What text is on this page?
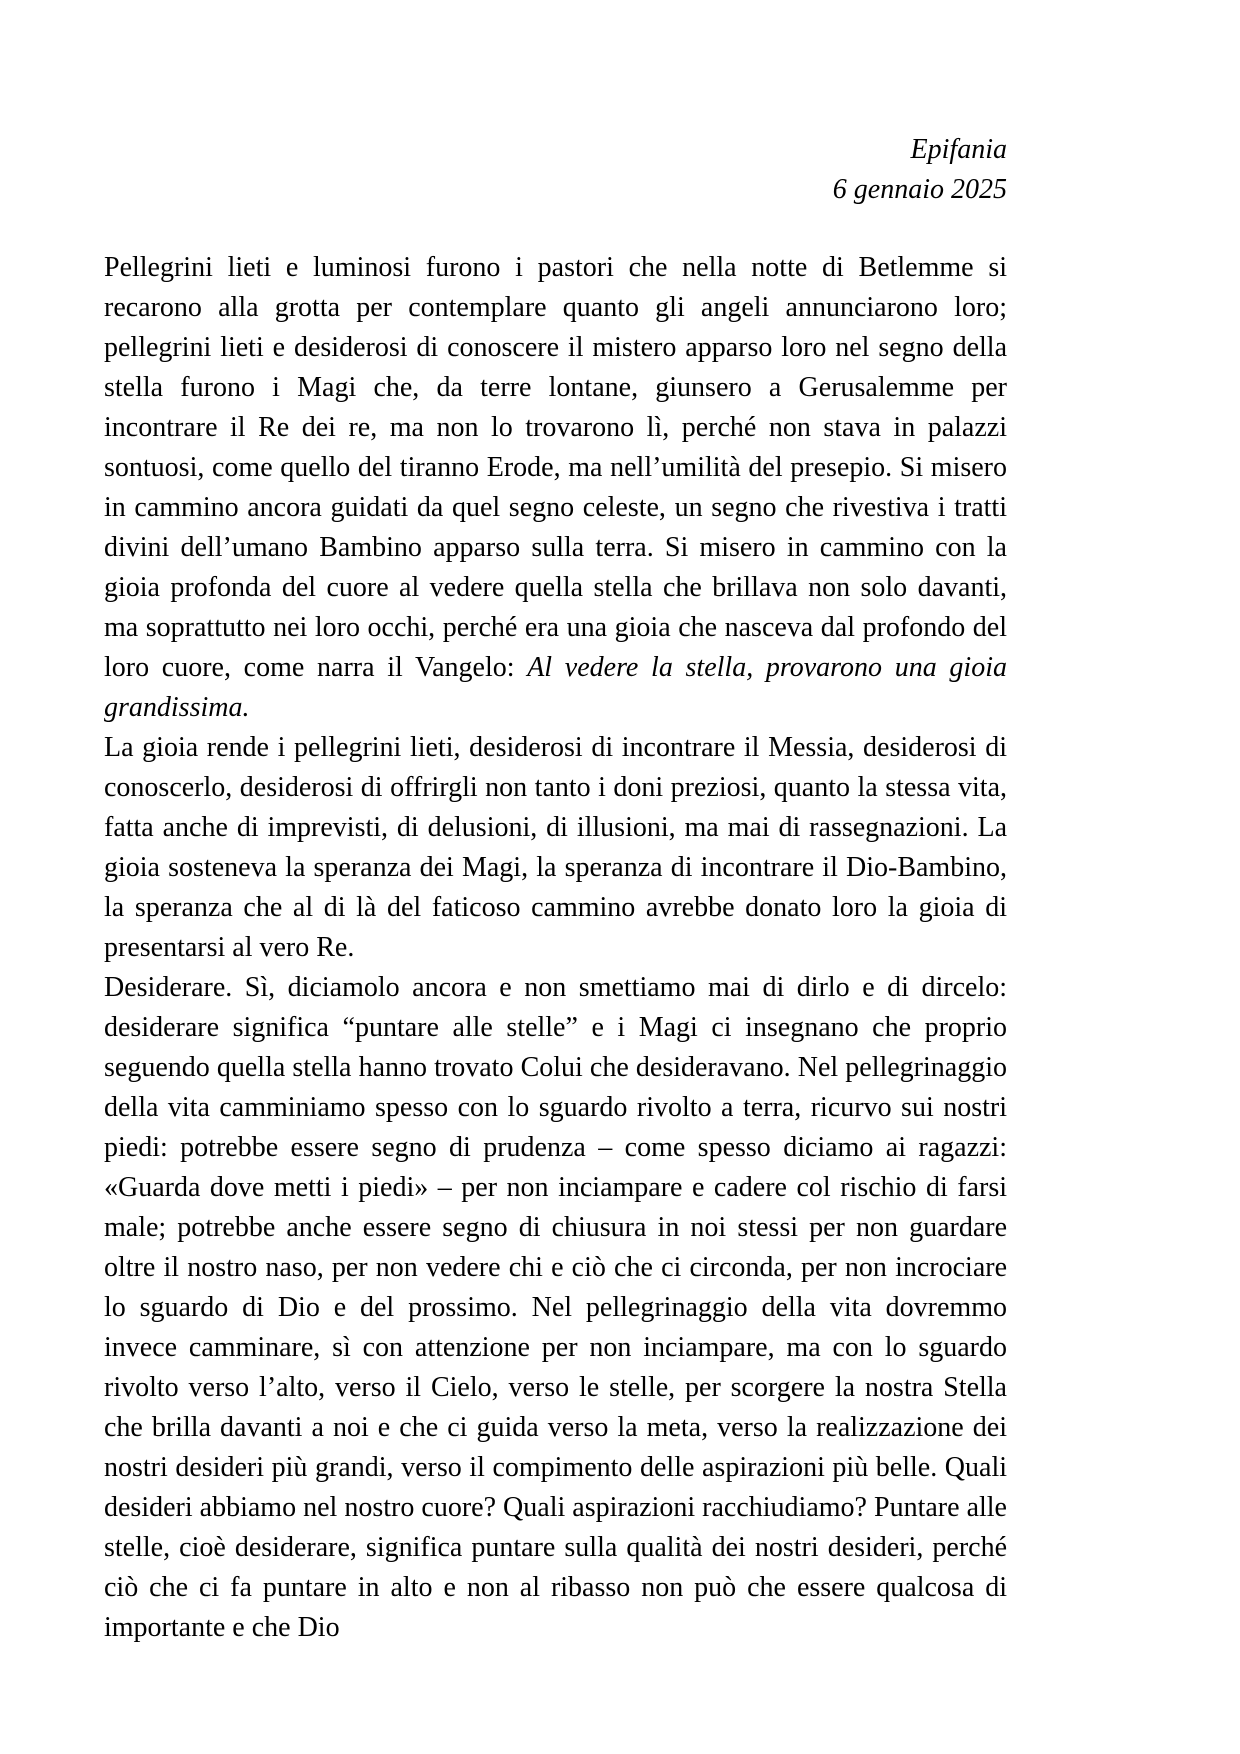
Epifania
6 gennaio 2025

Pellegrini lieti e luminosi furono i pastori che nella notte di Betlemme si recarono alla grotta per contemplare quanto gli angeli annunciarono loro; pellegrini lieti e desiderosi di conoscere il mistero apparso loro nel segno della stella furono i Magi che, da terre lontane, giunsero a Gerusalemme per incontrare il Re dei re, ma non lo trovarono lì, perché non stava in palazzi sontuosi, come quello del tiranno Erode, ma nell’umilità del presepio. Si misero in cammino ancora guidati da quel segno celeste, un segno che rivestiva i tratti divini dell’umano Bambino apparso sulla terra. Si misero in cammino con la gioia profonda del cuore al vedere quella stella che brillava non solo davanti, ma soprattutto nei loro occhi, perché era una gioia che nasceva dal profondo del loro cuore, come narra il Vangelo: Al vedere la stella, provarono una gioia grandissima.

La gioia rende i pellegrini lieti, desiderosi di incontrare il Messia, desiderosi di conoscerlo, desiderosi di offrirgli non tanto i doni preziosi, quanto la stessa vita, fatta anche di imprevisti, di delusioni, di illusioni, ma mai di rassegnazioni. La gioia sosteneva la speranza dei Magi, la speranza di incontrare il Dio-Bambino, la speranza che al di là del faticoso cammino avrebbe donato loro la gioia di presentarsi al vero Re.

Desiderare. Sì, diciamolo ancora e non smettiamo mai di dirlo e di dircelo: desiderare significa “puntare alle stelle” e i Magi ci insegnano che proprio seguendo quella stella hanno trovato Colui che desideravano. Nel pellegrinaggio della vita camminiamo spesso con lo sguardo rivolto a terra, ricurvo sui nostri piedi: potrebbe essere segno di prudenza – come spesso diciamo ai ragazzi: «Guarda dove metti i piedi» – per non inciampare e cadere col rischio di farsi male; potrebbe anche essere segno di chiusura in noi stessi per non guardare oltre il nostro naso, per non vedere chi e ciò che ci circonda, per non incrociare lo sguardo di Dio e del prossimo. Nel pellegrinaggio della vita dovremmo invece camminare, sì con attenzione per non inciampare, ma con lo sguardo rivolto verso l’alto, verso il Cielo, verso le stelle, per scorgere la nostra Stella che brilla davanti a noi e che ci guida verso la meta, verso la realizzazione dei nostri desideri più grandi, verso il compimento delle aspirazioni più belle. Quali desideri abbiamo nel nostro cuore? Quali aspirazioni racchiudiamo? Puntare alle stelle, cioè desiderare, significa puntare sulla qualità dei nostri desideri, perché ciò che ci fa puntare in alto e non al ribasso non può che essere qualcosa di importante e che Dio
